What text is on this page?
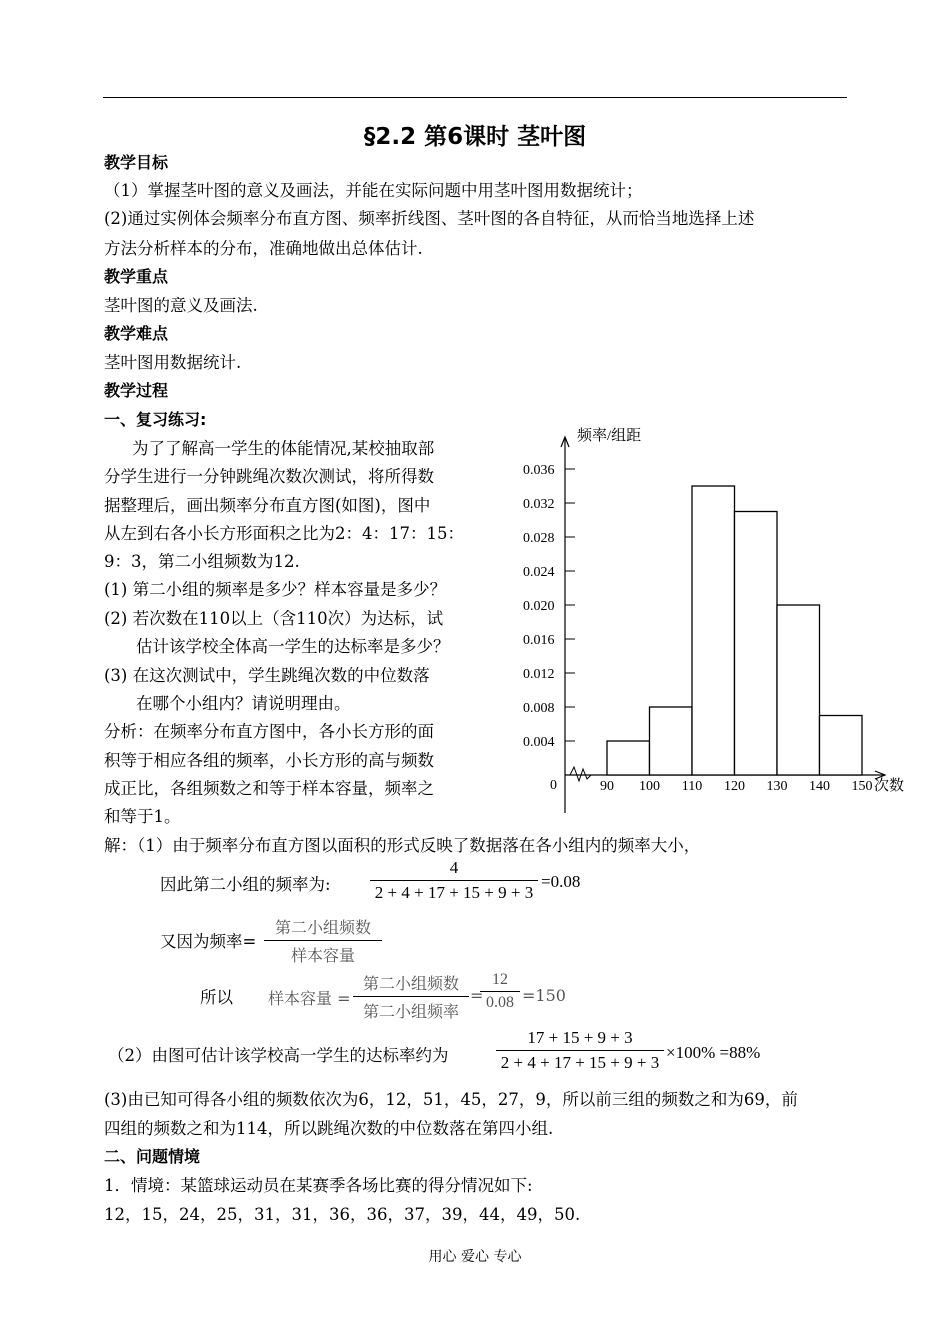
§2.2 第6课时 茎叶图
教学目标
（1）掌握茎叶图的意义及画法，并能在实际问题中用茎叶图用数据统计；
(2)通过实例体会频率分布直方图、频率折线图、茎叶图的各自特征，从而恰当地选择上述
方法分析样本的分布，准确地做出总体估计.
教学重点
茎叶图的意义及画法.
教学难点
茎叶图用数据统计.
教学过程
一、复习练习:
为了了解高一学生的体能情况,某校抽取部
分学生进行一分钟跳绳次数次测试，将所得数
据整理后，画出频率分布直方图(如图)，图中
从左到右各小长方形面积之比为2：4：17：15：
9：3，第二小组频数为12.
(1) 第二小组的频率是多少？样本容量是多少？
(2) 若次数在110以上（含110次）为达标，试
估计该学校全体高一学生的达标率是多少？
(3) 在这次测试中，学生跳绳次数的中位数落
在哪个小组内？请说明理由。
分析：在频率分布直方图中，各小长方形的面
积等于相应各组的频率，小长方形的高与频数
成正比，各组频数之和等于样本容量，频率之
和等于1。
频率/组距
次数
0
0.004
0.008
0.012
0.016
0.020
0.024
0.028
0.032
0.036
90 100 110 120 130 140 150
解：（1）由于频率分布直方图以面积的形式反映了数据落在各小组内的频率大小，
因此第二小组的频率为:
4
2 + 4 + 17 + 15 + 9 + 3
=0.08
又因为频率=
第二小组频数
样本容量
所以 样本容量 =
第二小组频数
第二小组频率
=
12
0.08 =150
（2）由图可估计该学校高一学生的达标率约为
17 + 15 + 9 + 3
2 + 4 + 17 + 15 + 9 + 3
×100% =88%
(3)由已知可得各小组的频数依次为6，12，51，45，27，9，所以前三组的频数之和为69，前
四组的频数之和为114，所以跳绳次数的中位数落在第四小组.
二、问题情境
1．情境：某篮球运动员在某赛季各场比赛的得分情况如下:
12，15，24，25，31，31，36，36，37，39，44，49，50.
用心 爱心 专心
